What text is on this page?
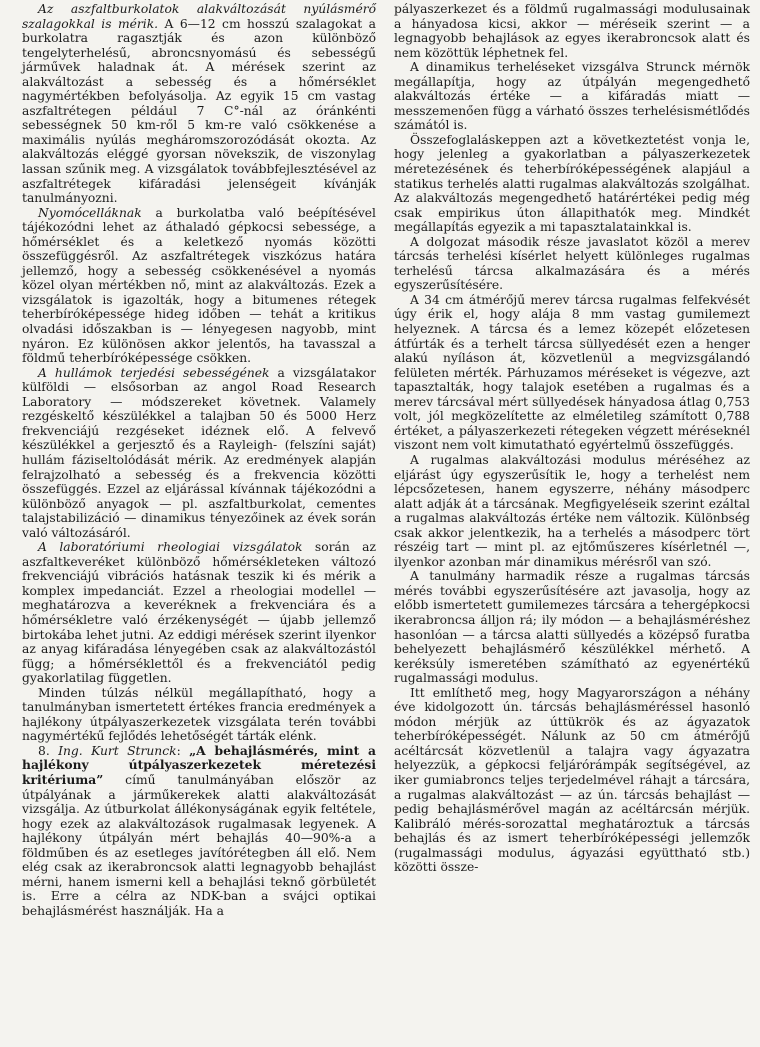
Az aszfaltburkolatok alakváltozását nyúlásmérő szalagokkal is mérik. A 6—12 cm hosszú szalagokat a burkolatra ragasztják és azon különböző tengelyterhelésű, abroncsnyomású és sebességű járművek haladnak át. A mérések szerint az alakváltozást a sebesség és a hőmérséklet nagymértékben befolyásolja. Az egyik 15 cm vastag aszfaltrétegen például 7 C°-nál az óránkénti sebességnek 50 km-ről 5 km-re való csökkenése a maximális nyúlás megháromszorozódását okozta. Az alakváltozás eléggé gyorsan növekszik, de viszonylag lassan szűnik meg. A vizsgálatok továbbfejlesztésével az aszfaltrétegek kifáradási jelenségeit kívánják tanulmányozni.

Nyomócelláknak a burkolatba való beépítésével tájékozódni lehet az áthaladó gépkocsi sebessége, a hőmérséklet és a keletkező nyomás közötti összefüggésről. Az aszfaltrétegek viszkózus határa jellemző, hogy a sebesség csökkenésével a nyomás közel olyan mértékben nő, mint az alakváltozás. Ezek a vizsgálatok is igazolták, hogy a bitumenes rétegek teherbíróképessége hideg időben — tehát a kritikus olvadási időszakban is — lényegesen nagyobb, mint nyáron. Ez különösen akkor jelentős, ha tavasszal a földmű teherbíróképessége csökken.

A hullámok terjedési sebességének a vizsgálatakor külföldi — elsősorban az angol Road Research Laboratory — módszereket követnek. Valamely rezgéskeltő készülékkel a talajban 50 és 5000 Herz frekvenciájú rezgéseket idéznek elő. A felvevő készülékkel a gerjesztő és a Rayleigh- (felszíni saját) hullám fáziseltolódását mérik. Az eredmények alapján felrajzolható a sebesség és a frekvencia közötti összefüggés. Ezzel az eljárással kívánnak tájékozódni a különböző anyagok — pl. aszfaltburkolat, cementes talajstabilizáció — dinamikus tényezőinek az évek során való változásáról.

A laboratóriumi rheologiai vizsgálatok során az aszfaltkeveréket különböző hőmérsékleteken változó frekvenciájú vibrációs hatásnak teszik ki és mérik a komplex impedanciát. Ezzel a rheologiai modellel — meghatározva a keveréknek a frekvenciára és a hőmérsékletre való érzékenységét — újabb jellemző birtokába lehet jutni. Az eddigi mérések szerint ilyenkor az anyag kifáradása lényegében csak az alakváltozástól függ; a hőmérséklettől és a frekvenciától pedig gyakorlatilag független.

Minden túlzás nélkül megállapítható, hogy a tanulmányban ismertetett értékes francia eredmények a hajlékony útpályaszerkezetek vizsgálata terén további nagymértékű fejlődés lehetőségét tárták elénk.

8. Ing. Kurt Strunck: „A behajlásmérés, mint a hajlékony útpályaszerkezetek méretezési kritériuma” című tanulmányában először az útpályának a járműkerekek alatti alakváltozását vizsgálja. Az útburkolat állékonyságának egyik feltétele, hogy ezek az alakváltozások rugalmasak legyenek. A hajlékony útpályán mért behajlás 40—90%-a a földműben és az esetleges javítórétegben áll elő. Nem elég csak az ikerabroncsok alatti legnagyobb behajlást mérni, hanem ismerni kell a behajlási teknő görbületét is. Erre a célra az NDK-ban a svájci optikai behajlásmérést használják. Ha a

pályaszerkezet és a földmű rugalmassági modulusainak a hányadosa kicsi, akkor — méréseik szerint — a legnagyobb behajlások az egyes ikerabroncsok alatt és nem közöttük léphetnek fel.

A dinamikus terheléseket vizsgálva Strunck mérnök megállapítja, hogy az útpályán megengedhető alakváltozás értéke — a kifáradás miatt — messzemenően függ a várható összes terhelésismétlődés számától is.

Összefoglaláskeppen azt a következtetést vonja le, hogy jelenleg a gyakorlatban a pályaszerkezetek méretezésének és teherbíróképességének alapjául a statikus terhelés alatti rugalmas alakváltozás szolgálhat. Az alakváltozás megengedhető határértékei pedig még csak empirikus úton állapithatók meg. Mindkét megállapítás egyezik a mi tapasztalatainkkal is.

A dolgozat második része javaslatot közöl a merev tárcsás terhelési kísérlet helyett különleges rugalmas terhelésű tárcsa alkalmazására és a mérés egyszerűsítésére.

A 34 cm átmérőjű merev tárcsa rugalmas felfekvését úgy érik el, hogy alája 8 mm vastag gumilemezt helyeznek. A tárcsa és a lemez közepét előzetesen átfúrták és a terhelt tárcsa süllyedését ezen a henger alakú nyíláson át, közvetlenül a megvizsgálandó felületen mérték. Párhuzamos méréseket is végezve, azt tapasztalták, hogy talajok esetében a rugalmas és a merev tárcsával mért süllyedések hányadosa átlag 0,753 volt, jól megközelítette az elméletileg számított 0,788 értéket, a pályaszerkezeti rétegeken végzett méréseknél viszont nem volt kimutatható egyértelmű összefüggés.

A rugalmas alakváltozási modulus méréséhez az eljárást úgy egyszerűsítik le, hogy a terhelést nem lépcsőzetesen, hanem egyszerre, néhány másodperc alatt adják át a tárcsának. Megfigyeléseik szerint ezáltal a rugalmas alakváltozás értéke nem változik. Különbség csak akkor jelentkezik, ha a terhelés a másodperc tört részéig tart — mint pl. az ejtőműszeres kísérletnél —, ilyenkor azonban már dinamikus mérésről van szó.

A tanulmány harmadik része a rugalmas tárcsás mérés további egyszerűsítésére azt javasolja, hogy az előbb ismertetett gumilemezes tárcsára a tehergépkocsi ikerabroncsa álljon rá; ily módon — a behajlásméréshez hasonlóan — a tárcsa alatti süllyedés a középső furatba behelyezett behajlásmérő készülékkel mérhető. A keréksúly ismeretében számítható az egyenértékű rugalmassági modulus.

Itt említhető meg, hogy Magyarországon a néhány éve kidolgozott ún. tárcsás behajlásméréssel hasonló módon mérjük az úttükrök és az ágyazatok teherbíróképességét. Nálunk az 50 cm átmérőjű acéltárcsát közvetlenül a talajra vagy ágyazatra helyezzük, a gépkocsi feljárórámpák segítségével, az iker gumiabroncs teljes terjedelmével ráhajt a tárcsára, a rugalmas alakváltozást — az ún. tárcsás behajlást — pedig behajlásmérővel magán az acéltárcsán mérjük. Kalibráló mérés-sorozattal meghatároztuk a tárcsás behajlás és az ismert teherbíróképességi jellemzők (rugalmassági modulus, ágyazási együttható stb.) közötti össze-
